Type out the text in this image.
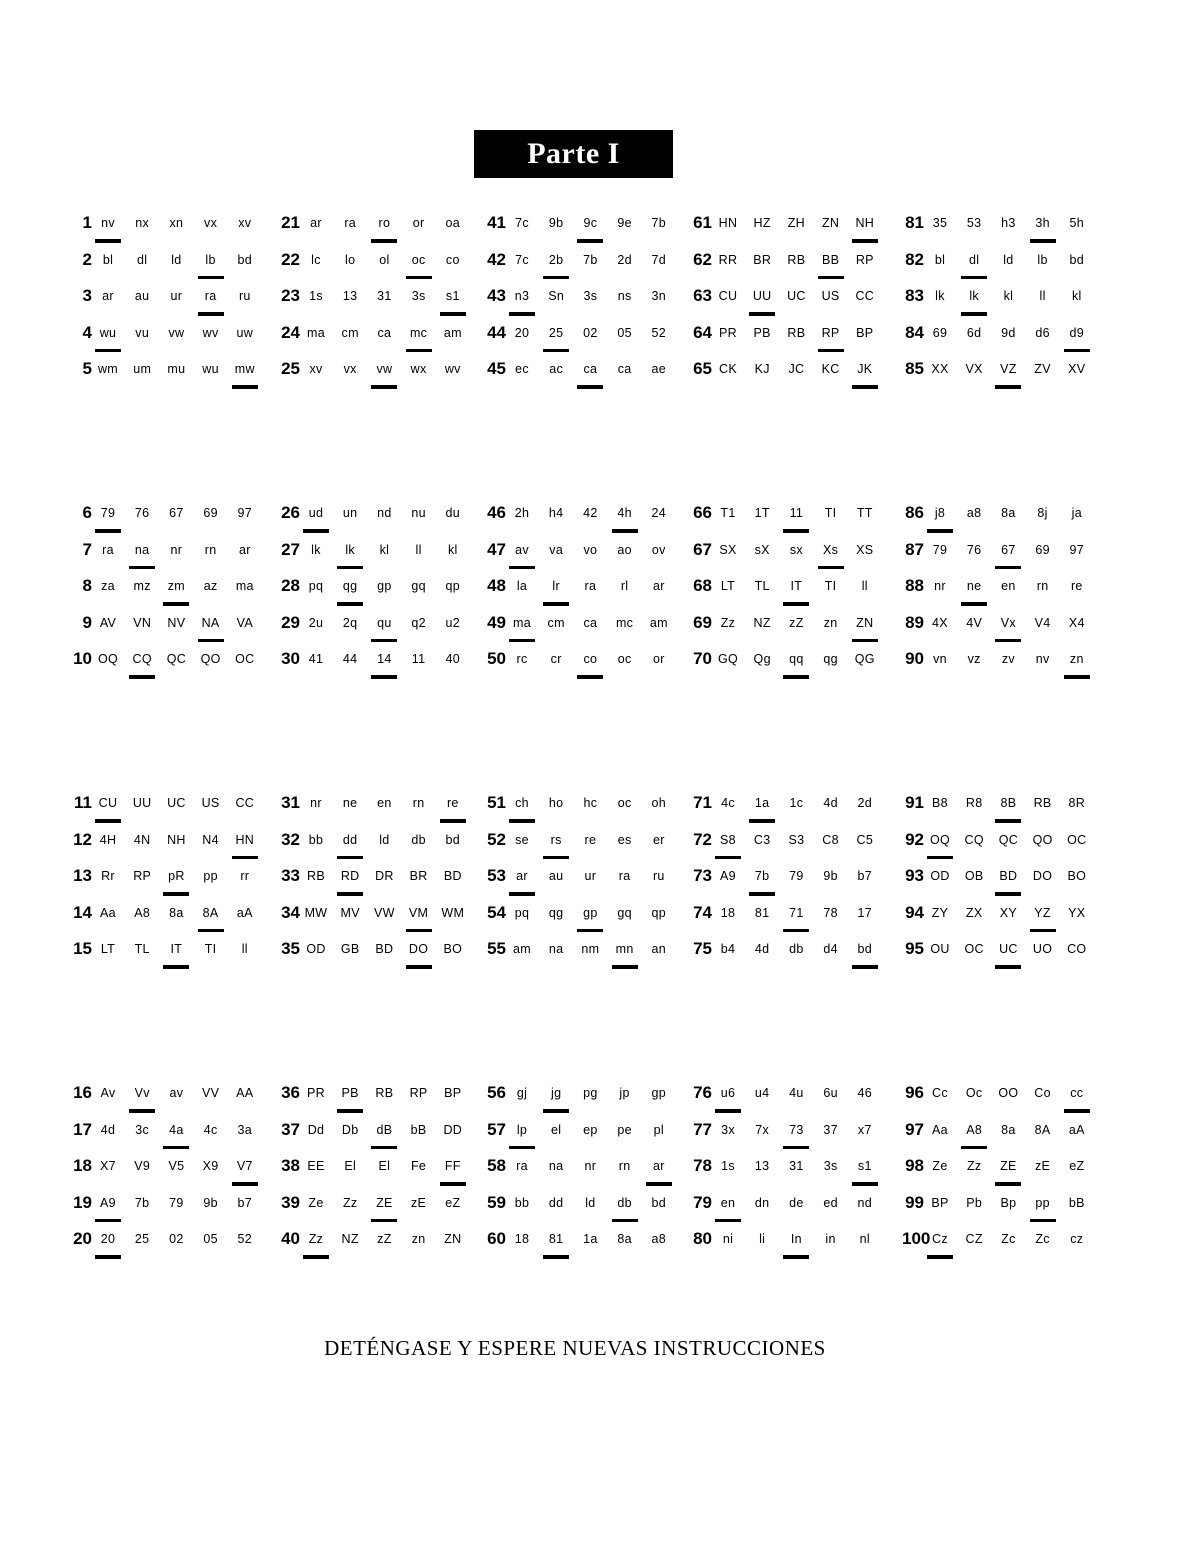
Parte I
1 nv	nx	xn	vx	xv
2 bl	dl	ld	lb	bd
3 ar	au	ur	ra	ru
4 wu	vu	vw	wv	uw
5 wm	um	mu	wu	mw
6 79	76	67	69	97
7 ra	na	nr	rn	ar
8 za	mz	zm	az	ma
9 AV	VN	NV	NA	VA
10 OQ	CQ	QC	QO	OC
11 CU	UU	UC	US	CC
12 4H	4N	NH	N4	HN
13 Rr	RP	pR	pp	rr
14 Aa	A8	8a	8A	aA
15 LT	TL	IT	TI	ll
16 Av	Vv	av	VV	AA
17 4d	3c	4a	4c	3a
18 X7	V9	V5	X9	V7
19 A9	7b	79	9b	b7
20 20	25	02	05	52
21 ar	ra	ro	or	oa
22 lc	lo	ol	oc	co
23 1s	13	31	3s	s1
24 ma	cm	ca	mc	am
25 xv	vx	vw	wx	wv
26 ud	un	nd	nu	du
27 lk	lk	kl	ll	kl
28 pq	qg	gp	gq	qp
29 2u	2q	qu	q2	u2
30 41	44	14	11	40
31 nr	ne	en	rn	re
32 bb	dd	ld	db	bd
33 RB	RD	DR	BR	BD
34 MW	MV	VW	VM	WM
35 OD	GB	BD	DO	BO
36 PR	PB	RB	RP	BP
37 Dd	Db	dB	bB	DD
38 EE	El	El	Fe	FF
39 Ze	Zz	ZE	zE	eZ
40 Zz	NZ	zZ	zn	ZN
41 7c	9b	9c	9e	7b
42 7c	2b	7b	2d	7d
43 n3	Sn	3s	ns	3n
44 20	25	02	05	52
45 ec	ac	ca	ca	ae
46 2h	h4	42	4h	24
47 av	va	vo	ao	ov
48 la	lr	ra	rl	ar
49 ma	cm	ca	mc	am
50 rc	cr	co	oc	or
51 ch	ho	hc	oc	oh
52 se	rs	re	es	er
53 ar	au	ur	ra	ru
54 pq	qg	gp	gq	qp
55 am	na	nm	mn	an
56 gj	jg	pg	jp	gp
57 lp	el	ep	pe	pl
58 ra	na	nr	rn	ar
59 bb	dd	ld	db	bd
60 18	81	1a	8a	a8
61 HN	HZ	ZH	ZN	NH
62 RR	BR	RB	BB	RP
63 CU	UU	UC	US	CC
64 PR	PB	RB	RP	BP
65 CK	KJ	JC	KC	JK
66 T1	1T	11	TI	TT
67 SX	sX	sx	Xs	XS
68 LT	TL	IT	TI	ll
69 Zz	NZ	zZ	zn	ZN
70 GQ	Qg	qq	qg	QG
71 4c	1a	1c	4d	2d
72 S8	C3	S3	C8	C5
73 A9	7b	79	9b	b7
74 18	81	71	78	17
75 b4	4d	db	d4	bd
76 u6	u4	4u	6u	46
77 3x	7x	73	37	x7
78 1s	13	31	3s	s1
79 en	dn	de	ed	nd
80 ni	li	In	in	nl
81 35	53	h3	3h	5h
82 bl	dl	ld	lb	bd
83 lk	lk	kl	ll	kl
84 69	6d	9d	d6	d9
85 XX	VX	VZ	ZV	XV
86 j8	a8	8a	8j	ja
87 79	76	67	69	97
88 nr	ne	en	rn	re
89 4X	4V	Vx	V4	X4
90 vn	vz	zv	nv	zn
91 B8	R8	8B	RB	8R
92 OQ	CQ	QC	QO	OC
93 OD	OB	BD	DO	BO
94 ZY	ZX	XY	YZ	YX
95 OU	OC	UC	UO	CO
96 Cc	Oc	OO	Co	cc
97 Aa	A8	8a	8A	aA
98 Ze	Zz	ZE	zE	eZ
99 BP	Pb	Bp	pp	bB
100 Cz	CZ	Zc	Zc	cz
DETÉNGASE Y ESPERE NUEVAS INSTRUCCIONES
